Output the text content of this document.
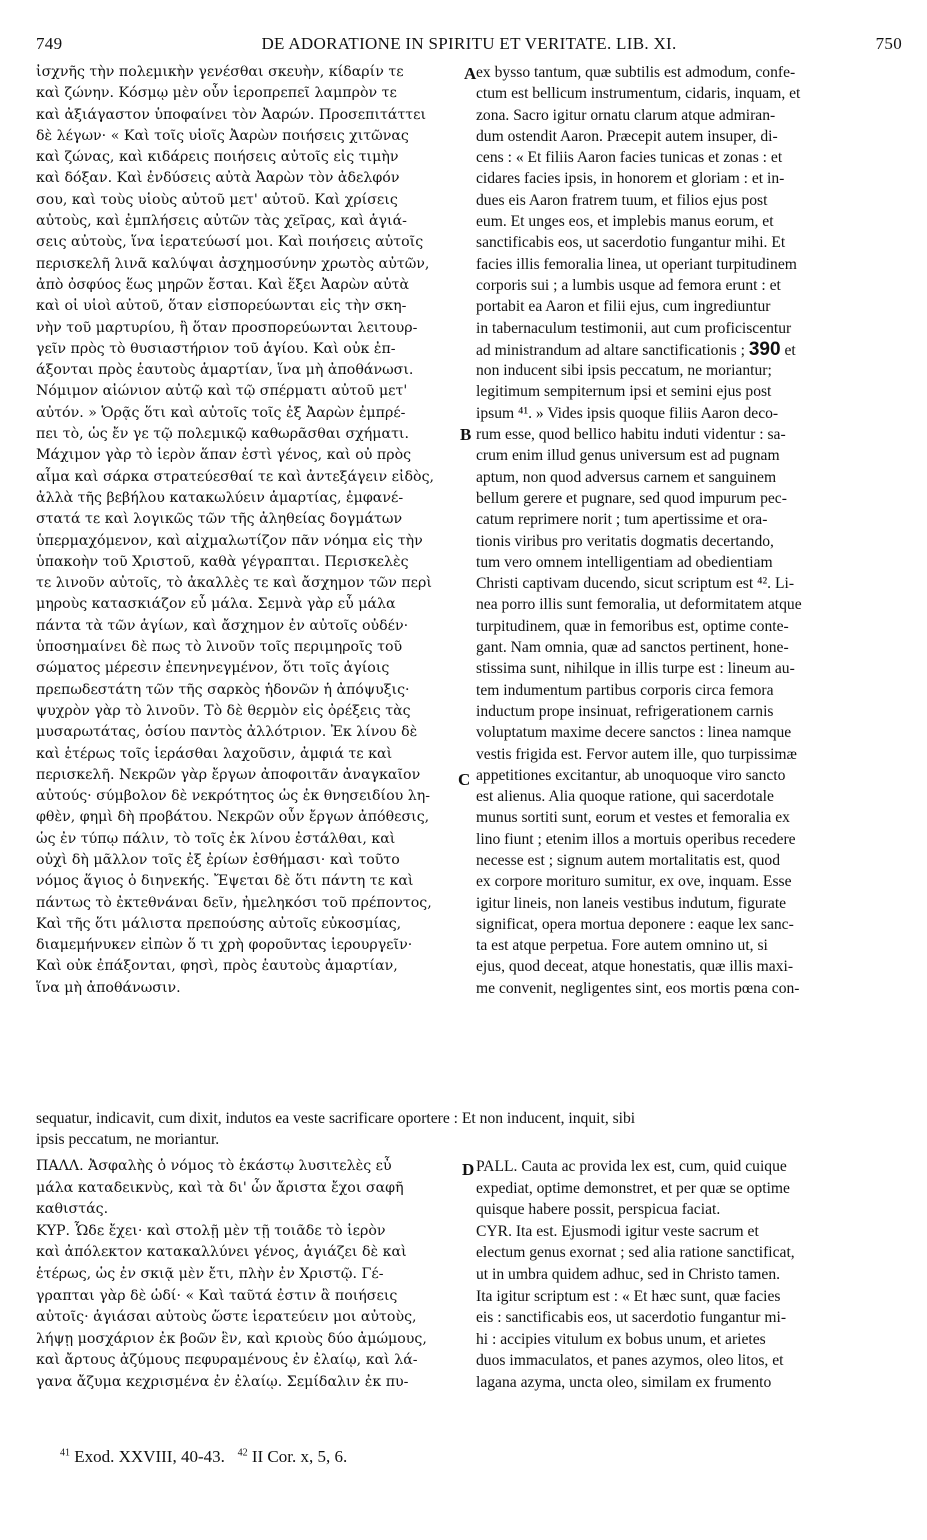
749	DE ADORATIONE IN SPIRITU ET VERITATE. LIB. XI.	750
A
B
C
D
ἰσχνῆς τὴν πολεμικὴν γενέσθαι σκευὴν, κίδαρίν τε
καὶ ζώνην. Κόσμῳ μὲν οὖν ἱεροπρεπεῖ λαμπρὸν τε
καὶ ἀξιάγαστον ὑποφαίνει τὸν Ἀαρών. Προσεπιτάττει
δὲ λέγων· « Καὶ τοῖς υἱοῖς Ἀαρὼν ποιήσεις χιτῶνας
καὶ ζώνας, καὶ κιδάρεις ποιήσεις αὐτοῖς εἰς τιμὴν
καὶ δόξαν. Καὶ ἐνδύσεις αὐτὰ Ἀαρὼν τὸν ἀδελφόν
σου, καὶ τοὺς υἱοὺς αὐτοῦ μετ' αὐτοῦ. Καὶ χρίσεις
αὐτοὺς, καὶ ἐμπλήσεις αὐτῶν τὰς χεῖρας, καὶ ἁγιά-
σεις αὐτοὺς, ἵνα ἱερατεύωσί μοι. Καὶ ποιήσεις αὐτοῖς
περισκελῆ λινᾶ καλύψαι ἀσχημοσύνην χρωτὸς αὐτῶν,
ἀπὸ ὀσφύος ἕως μηρῶν ἔσται. Καὶ ἕξει Ἀαρὼν αὐτὰ
καὶ οἱ υἱοὶ αὐτοῦ, ὅταν εἰσπορεύωνται εἰς τὴν σκη-
νὴν τοῦ μαρτυρίου, ἢ ὅταν προσπορεύωνται λειτουρ-
γεῖν πρὸς τὸ θυσιαστήριον τοῦ ἁγίου. Καὶ οὐκ ἐπ-
άξονται πρὸς ἑαυτοὺς ἁμαρτίαν, ἵνα μὴ ἀποθάνωσι.
Νόμιμον αἰώνιον αὐτῷ καὶ τῷ σπέρματι αὐτοῦ μετ'
αὐτόν. » Ὁρᾷς ὅτι καὶ αὐτοῖς τοῖς ἐξ Ἀαρὼν ἐμπρέ-
πει τὸ, ὡς ἔν γε τῷ πολεμικῷ καθωρᾶσθαι σχήματι.
Μάχιμον γὰρ τὸ ἱερὸν ἅπαν ἐστὶ γένος, καὶ οὐ πρὸς
αἷμα καὶ σάρκα στρατεύεσθαί τε καὶ ἀντεξάγειν εἰδὸς,
ἀλλὰ τῆς βεβήλου κατακωλύειν ἁμαρτίας, ἐμφανέ-
στατά τε καὶ λογικῶς τῶν τῆς ἀληθείας δογμάτων
ὑπερμαχόμενον, καὶ αἰχμαλωτίζον πᾶν νόημα εἰς τὴν
ὑπακοὴν τοῦ Χριστοῦ, καθὰ γέγραπται. Περισκελὲς
τε λινοῦν αὐτοῖς, τὸ ἀκαλλὲς τε καὶ ἄσχημον τῶν περὶ
μηροὺς κατασκιάζον εὖ μάλα. Σεμνὰ γὰρ εὖ μάλα
πάντα τὰ τῶν ἁγίων, καὶ ἄσχημον ἐν αὐτοῖς οὐδέν·
ὑποσημαίνει δὲ πως τὸ λινοῦν τοῖς περιμηροῖς τοῦ
σώματος μέρεσιν ἐπενηνεγμένον, ὅτι τοῖς ἁγίοις
πρεπωδεστάτη τῶν τῆς σαρκὸς ἡδονῶν ἡ ἀπόψυξις·
ψυχρὸν γὰρ τὸ λινοῦν. Τὸ δὲ θερμὸν εἰς ὀρέξεις τὰς
μυσαρωτάτας, ὁσίου παντὸς ἀλλότριον. Ἐκ λίνου δὲ
καὶ ἑτέρως τοῖς ἱεράσθαι λαχοῦσιν, ἀμφιά τε καὶ
περισκελῆ. Νεκρῶν γὰρ ἔργων ἀποφοιτᾶν ἀναγκαῖον
αὐτούς· σύμβολον δὲ νεκρότητος ὡς ἐκ θνησειδίου λη-
φθὲν, φημὶ δὴ προβάτου. Νεκρῶν οὖν ἔργων ἀπόθεσις,
ὡς ἐν τύπῳ πάλιν, τὸ τοῖς ἐκ λίνου ἐστάλθαι, καὶ
οὐχὶ δὴ μᾶλλον τοῖς ἐξ ἐρίων ἐσθήμασι· καὶ τοῦτο
νόμος ἅγιος ὁ διηνεκής. Ἔψεται δὲ ὅτι πάντη τε καὶ
πάντως τὸ ἐκτεθνάναι δεῖν, ἠμεληκόσι τοῦ πρέποντος,
Καὶ τῆς ὅτι μάλιστα πρεπούσης αὐτοῖς εὐκοσμίας,
διαμεμήνυκεν εἰπὼν ὅ τι χρὴ φοροῦντας ἱερουργεῖν·
Καὶ οὐκ ἐπάξονται, φησὶ, πρὸς ἑαυτοὺς ἁμαρτίαν,
ἵνα μὴ ἀποθάνωσιν.
ex bysso tantum, quæ subtilis est admodum, confe-
ctum est bellicum instrumentum, cidaris, inquam, et
zona. Sacro igitur ornatu clarum atque admiran-
dum ostendit Aaron. Præcepit autem insuper, di-
cens : « Et filiis Aaron facies tunicas et zonas : et
cidares facies ipsis, in honorem et gloriam : et in-
dues eis Aaron fratrem tuum, et filios ejus post
eum. Et unges eos, et implebis manus eorum, et
sanctificabis eos, ut sacerdotio fungantur mihi. Et
facies illis femoralia linea, ut operiant turpitudinem
corporis sui ; a lumbis usque ad femora erunt : et
portabit ea Aaron et filii ejus, cum ingrediuntur
in tabernaculum testimonii, aut cum proficiscentur
ad ministrandum ad altare sanctificationis ; 390 et
non inducent sibi ipsis peccatum, ne moriantur;
legitimum sempiternum ipsi et semini ejus post
ipsum ⁴¹. » Vides ipsis quoque filiis Aaron deco-
rum esse, quod bellico habitu induti videntur : sa-
crum enim illud genus universum est ad pugnam
aptum, non quod adversus carnem et sanguinem
bellum gerere et pugnare, sed quod impurum pec-
catum reprimere norit ; tum apertissime et ora-
tionis viribus pro veritatis dogmatis decertando,
tum vero omnem intelligentiam ad obedientiam
Christi captivam ducendo, sicut scriptum est ⁴². Li-
nea porro illis sunt femoralia, ut deformitatem atque
turpitudinem, quæ in femoribus est, optime conte-
gant. Nam omnia, quæ ad sanctos pertinent, hone-
stissima sunt, nihilque in illis turpe est : lineum au-
tem indumentum partibus corporis circa femora
inductum prope insinuat, refrigerationem carnis
voluptatum maxime decere sanctos : linea namque
vestis frigida est. Fervor autem ille, quo turpissimæ
appetitiones excitantur, ab unoquoque viro sancto
est alienus. Alia quoque ratione, qui sacerdotale
munus sortiti sunt, eorum et vestes et femoralia ex
lino fiunt ; etenim illos a mortuis operibus recedere
necesse est ; signum autem mortalitatis est, quod
ex corpore morituro sumitur, ex ove, inquam. Esse
igitur lineis, non laneis vestibus indutum, figurate
significat, opera mortua deponere : eaque lex sanc-
ta est atque perpetua. Fore autem omnino ut, si
ejus, quod deceat, atque honestatis, quæ illis maxi-
me convenit, negligentes sint, eos mortis pœna con-
sequatur, indicavit, cum dixit, indutos ea veste sacrificare oportere : Et non inducent, inquit, sibi
ipsis peccatum, ne moriantur.
ΠΑΛΛ. Ἀσφαλὴς ὁ νόμος τὸ ἑκάστῳ λυσιτελὲς εὖ
μάλα καταδεικνὺς, καὶ τὰ δι' ὧν ἄριστα ἔχοι σαφῆ
καθιστάς.
ΚΥΡ. Ὧδε ἔχει· καὶ στολῇ μὲν τῇ τοιᾶδε τὸ ἱερὸν
καὶ ἀπόλεκτον κατακαλλύνει γένος, ἁγιάζει δὲ καὶ
ἑτέρως, ὡς ἐν σκιᾷ μὲν ἔτι, πλὴν ἐν Χριστῷ. Γέ-
γραπται γὰρ δὲ ὡδί· « Καὶ ταῦτά ἐστιν ἃ ποιήσεις
αὐτοῖς· ἁγιάσαι αὐτοὺς ὥστε ἱερατεύειν μοι αὐτοὺς,
λήψῃ μοσχάριον ἐκ βοῶν ἓν, καὶ κριοὺς δύο ἀμώμους,
καὶ ἄρτους ἀζύμους πεφυραμένους ἐν ἐλαίῳ, καὶ λά-
γανα ἄζυμα κεχρισμένα ἐν ἐλαίῳ. Σεμίδαλιν ἐκ πυ-
PALL. Cauta ac provida lex est, cum, quid cuique
expediat, optime demonstret, et per quæ se optime
quisque habere possit, perspicua faciat.
CYR. Ita est. Ejusmodi igitur veste sacrum et
electum genus exornat ; sed alia ratione sanctificat,
ut in umbra quidem adhuc, sed in Christo tamen.
Ita igitur scriptum est : « Et hæc sunt, quæ facies
eis : sanctificabis eos, ut sacerdotio fungantur mi-
hi : accipies vitulum ex bobus unum, et arietes
duos immaculatos, et panes azymos, oleo litos, et
lagana azyma, uncta oleo, similam ex frumento
$^{41}$ Exod. XXVIII, 40-43. $^{42}$ II Cor. x, 5, 6.
